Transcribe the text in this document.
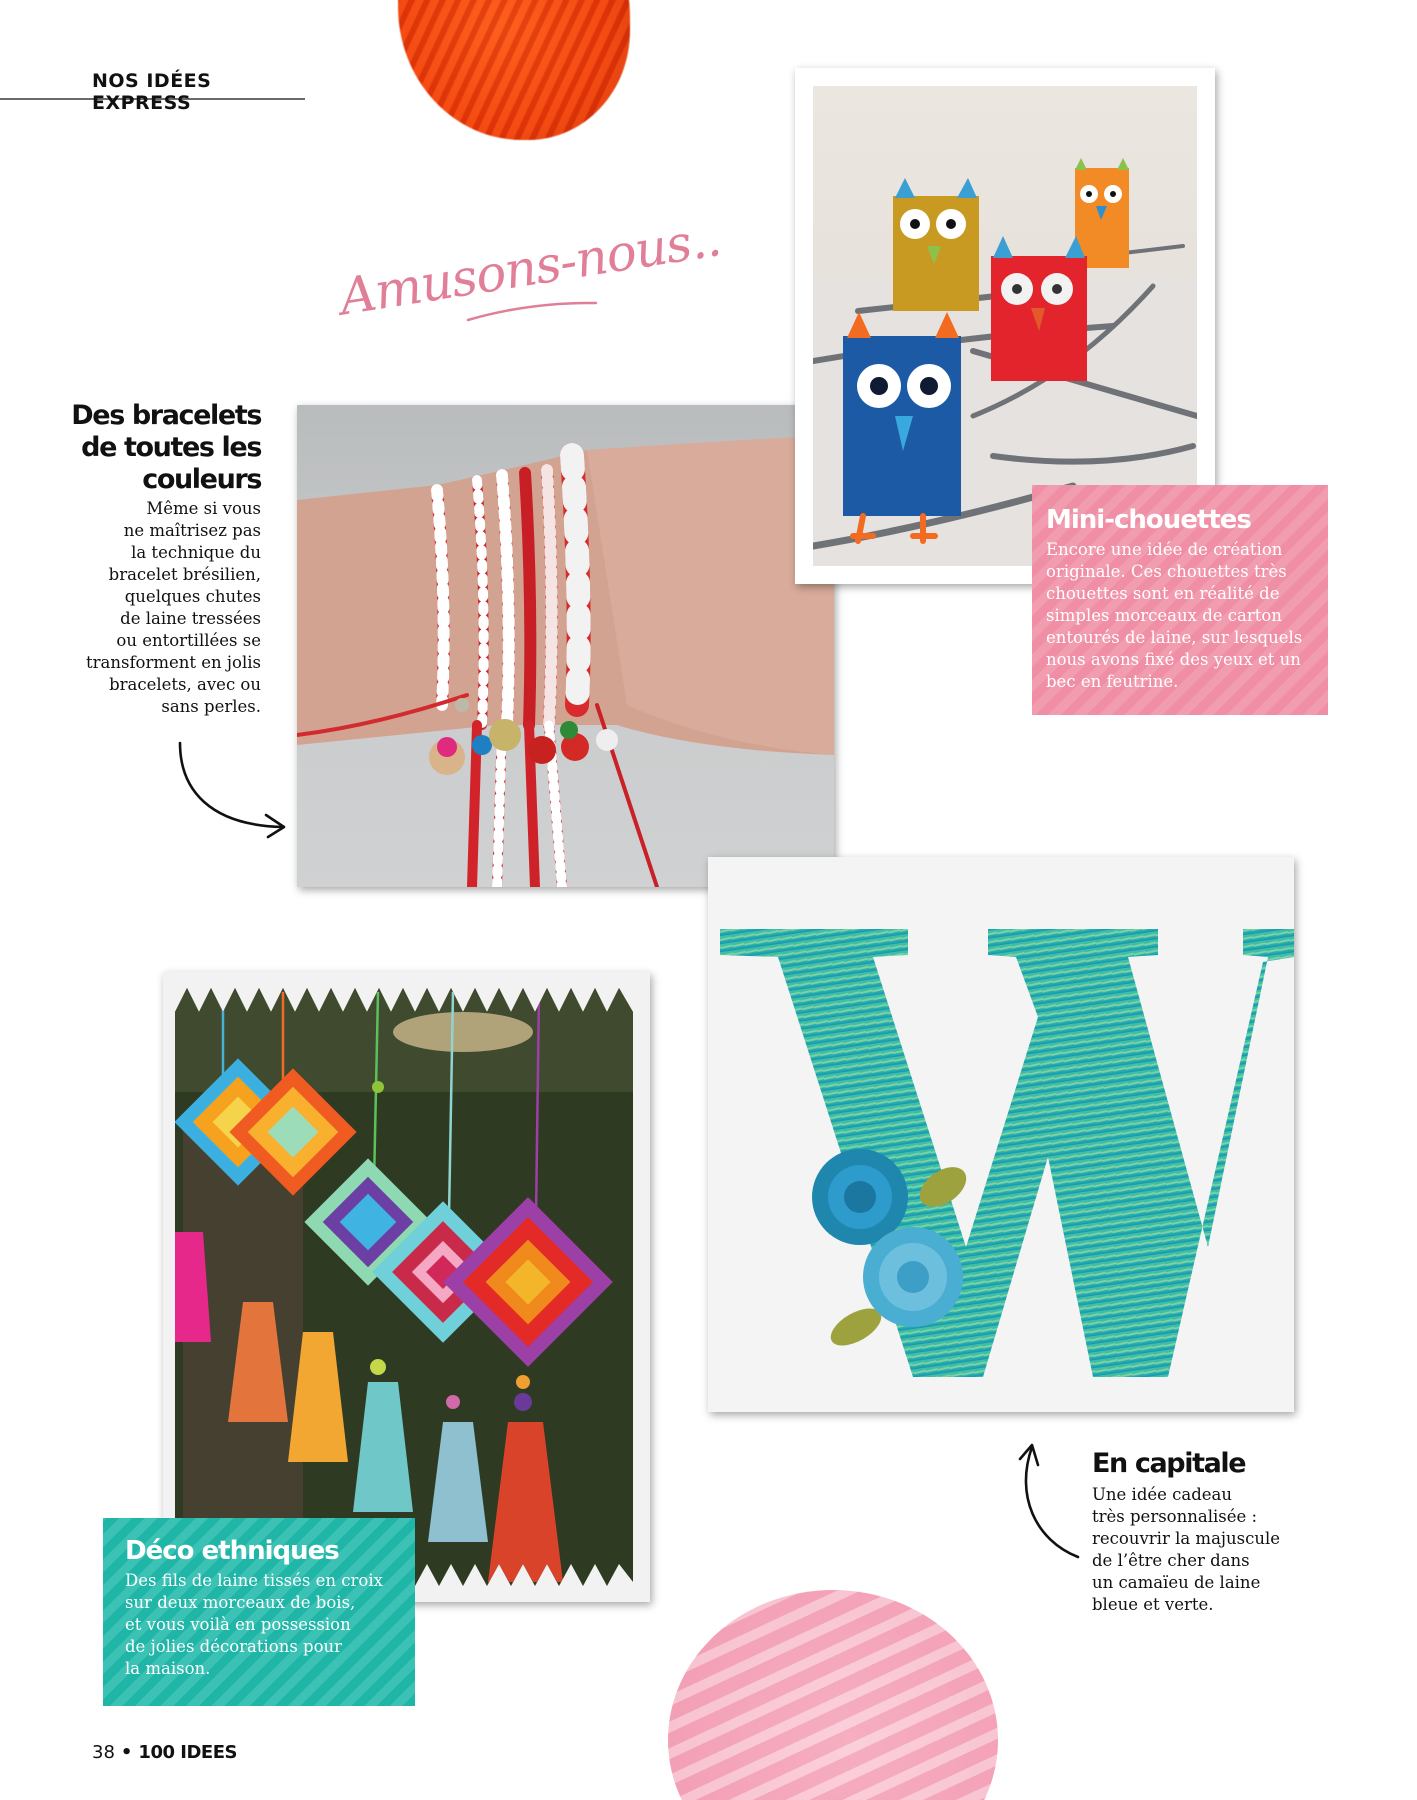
NOS IDÉES EXPRESS
Amusons-nous...
Des bracelets
de toutes les
couleurs
Même si vous
ne maîtrisez pas
la technique du
bracelet brésilien,
quelques chutes
de laine tressées
ou entortillées se
transforment en jolis
bracelets, avec ou
sans perles.
Mini-chouettes
Encore une idée de création
originale. Ces chouettes très
chouettes sont en réalité de
simples morceaux de carton
entourés de laine, sur lesquels
nous avons fixé des yeux et un
bec en feutrine.
Déco ethniques
Des fils de laine tissés en croix
sur deux morceaux de bois,
et vous voilà en possession
de jolies décorations pour
la maison.
En capitale
Une idée cadeau
très personnalisée :
recouvrir la majuscule
de l’être cher dans
un camaïeu de laine
bleue et verte.
38 • 100 IDEES
